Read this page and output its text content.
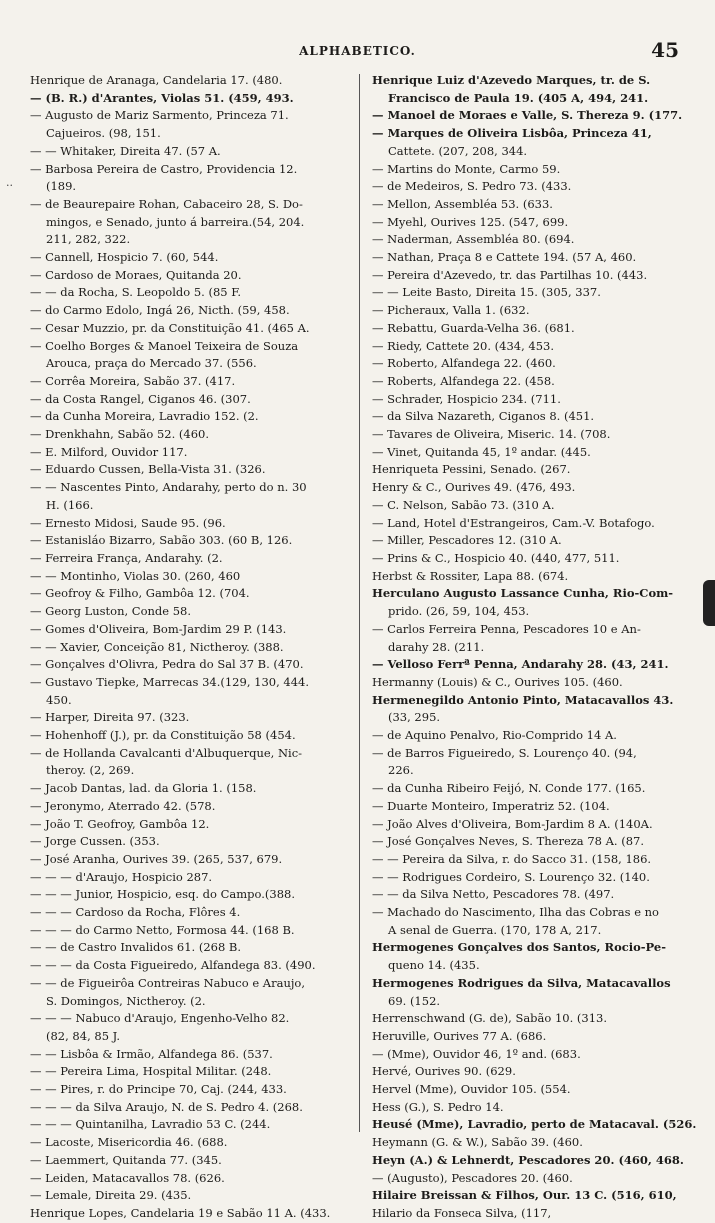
ALPHABETICO.	45
..
Henrique de Aranaga, Candelaria 17. (480.
— (B. R.) d'Arantes, Violas 51. (459, 493.
— Augusto de Mariz Sarmento, Princeza 71.
Cajueiros. (98, 151.
— — Whitaker, Direita 47. (57 A.
— Barbosa Pereira de Castro, Providencia 12.
(189.
— de Beaurepaire Rohan, Cabaceiro 28, S. Do-
mingos, e Senado, junto á barreira.(54, 204.
211, 282, 322.
— Cannell, Hospicio 7. (60, 544.
— Cardoso de Moraes, Quitanda 20.
— — da Rocha, S. Leopoldo 5. (85 F.
— do Carmo Edolo, Ingá 26, Nicth. (59, 458.
— Cesar Muzzio, pr. da Constituição 41. (465 A.
— Coelho Borges & Manoel Teixeira de Souza
Arouca, praça do Mercado 37. (556.
— Corrêa Moreira, Sabão 37. (417.
— da Costa Rangel, Ciganos 46. (307.
— da Cunha Moreira, Lavradio 152. (2.
— Drenkhahn, Sabão 52. (460.
— E. Milford, Ouvidor 117.
— Eduardo Cussen, Bella-Vista 31. (326.
— — Nascentes Pinto, Andarahy, perto do n. 30
H. (166.
— Ernesto Midosi, Saude 95. (96.
— Estanisláo Bizarro, Sabão 303. (60 B, 126.
— Ferreira França, Andarahy. (2.
— — Montinho, Violas 30. (260, 460
— Geofroy & Filho, Gambôa 12. (704.
— Georg Luston, Conde 58.
— Gomes d'Oliveira, Bom-Jardim 29 P. (143.
— — Xavier, Conceição 81, Nictheroy. (388.
— Gonçalves d'Olivra, Pedra do Sal 37 B. (470.
— Gustavo Tiepke, Marrecas 34.(129, 130, 444.
450.
— Harper, Direita 97. (323.
— Hohenhoff (J.), pr. da Constituição 58 (454.
— de Hollanda Cavalcanti d'Albuquerque, Nic-
theroy. (2, 269.
— Jacob Dantas, lad. da Gloria 1. (158.
— Jeronymo, Aterrado 42. (578.
— João T. Geofroy, Gambôa 12.
— Jorge Cussen. (353.
— José Aranha, Ourives 39. (265, 537, 679.
— — — d'Araujo, Hospicio 287.
— — — Junior, Hospicio, esq. do Campo.(388.
— — — Cardoso da Rocha, Flôres 4.
— — — do Carmo Netto, Formosa 44. (168 B.
— — de Castro Invalidos 61. (268 B.
— — — da Costa Figueiredo, Alfandega 83. (490.
— — de Figueirôa Contreiras Nabuco e Araujo,
S. Domingos, Nictheroy. (2.
— — — Nabuco d'Araujo, Engenho-Velho 82.
(82, 84, 85 J.
— — Lisbôa & Irmão, Alfandega 86. (537.
— — Pereira Lima, Hospital Militar. (248.
— — Pires, r. do Principe 70, Caj. (244, 433.
— — — da Silva Araujo, N. de S. Pedro 4. (268.
— — — Quintanilha, Lavradio 53 C. (244.
— Lacoste, Misericordia 46. (688.
— Laemmert, Quitanda 77. (345.
— Leiden, Matacavallos 78. (626.
— Lemale, Direita 29. (435.
Henrique Lopes, Candelaria 19 e Sabão 11 A. (433.
Henrique Luiz d'Azevedo Marques, tr. de S.
Francisco de Paula 19. (405 A, 494, 241.
— Manoel de Moraes e Valle, S. Thereza 9. (177.
— Marques de Oliveira Lisbôa, Princeza 41,
Cattete. (207, 208, 344.
— Martins do Monte, Carmo 59.
— de Medeiros, S. Pedro 73. (433.
— Mellon, Assembléa 53. (633.
— Myehl, Ourives 125. (547, 699.
— Naderman, Assembléa 80. (694.
— Nathan, Praça 8 e Cattete 194. (57 A, 460.
— Pereira d'Azevedo, tr. das Partilhas 10. (443.
— — Leite Basto, Direita 15. (305, 337.
— Picheraux, Valla 1. (632.
— Rebattu, Guarda-Velha 36. (681.
— Riedy, Cattete 20. (434, 453.
— Roberto, Alfandega 22. (460.
— Roberts, Alfandega 22. (458.
— Schrader, Hospicio 234. (711.
— da Silva Nazareth, Ciganos 8. (451.
— Tavares de Oliveira, Miseric. 14. (708.
— Vinet, Quitanda 45, 1º andar. (445.
Henriqueta Pessini, Senado. (267.
Henry & C., Ourives 49. (476, 493.
— C. Nelson, Sabão 73. (310 A.
— Land, Hotel d'Estrangeiros, Cam.-V. Botafogo.
— Miller, Pescadores 12. (310 A.
— Prins & C., Hospicio 40. (440, 477, 511.
Herbst & Rossiter, Lapa 88. (674.
Herculano Augusto Lassance Cunha, Rio-Com-
prido. (26, 59, 104, 453.
— Carlos Ferreira Penna, Pescadores 10 e An-
darahy 28. (211.
— Velloso Ferrª Penna, Andarahy 28. (43, 241.
Hermanny (Louis) & C., Ourives 105. (460.
Hermenegildo Antonio Pinto, Matacavallos 43.
(33, 295.
— de Aquino Penalvo, Rio-Comprido 14 A.
— de Barros Figueiredo, S. Lourenço 40. (94,
226.
— da Cunha Ribeiro Feijó, N. Conde 177. (165.
— Duarte Monteiro, Imperatriz 52. (104.
— João Alves d'Oliveira, Bom-Jardim 8 A. (140A.
— José Gonçalves Neves, S. Thereza 78 A. (87.
— — Pereira da Silva, r. do Sacco 31. (158, 186.
— — Rodrigues Cordeiro, S. Lourenço 32. (140.
— — da Silva Netto, Pescadores 78. (497.
— Machado do Nascimento, Ilha das Cobras e no
A senal de Guerra. (170, 178 A, 217.
Hermogenes Gonçalves dos Santos, Rocio-Pe-
queno 14. (435.
Hermogenes Rodrigues da Silva, Matacavallos
69. (152.
Herrenschwand (G. de), Sabão 10. (313.
Heruville, Ourives 77 A. (686.
— (Mme), Ouvidor 46, 1º and. (683.
Hervé, Ourives 90. (629.
Hervel (Mme), Ouvidor 105. (554.
Hess (G.), S. Pedro 14.
Heusé (Mme), Lavradio, perto de Matacaval. (526.
Heymann (G. & W.), Sabão 39. (460.
Heyn (A.) & Lehnerdt, Pescadores 20. (460, 468.
— (Augusto), Pescadores 20. (460.
Hilaire Breissan & Filhos, Our. 13 C. (516, 610,
Hilario da Fonseca Silva, (117,
